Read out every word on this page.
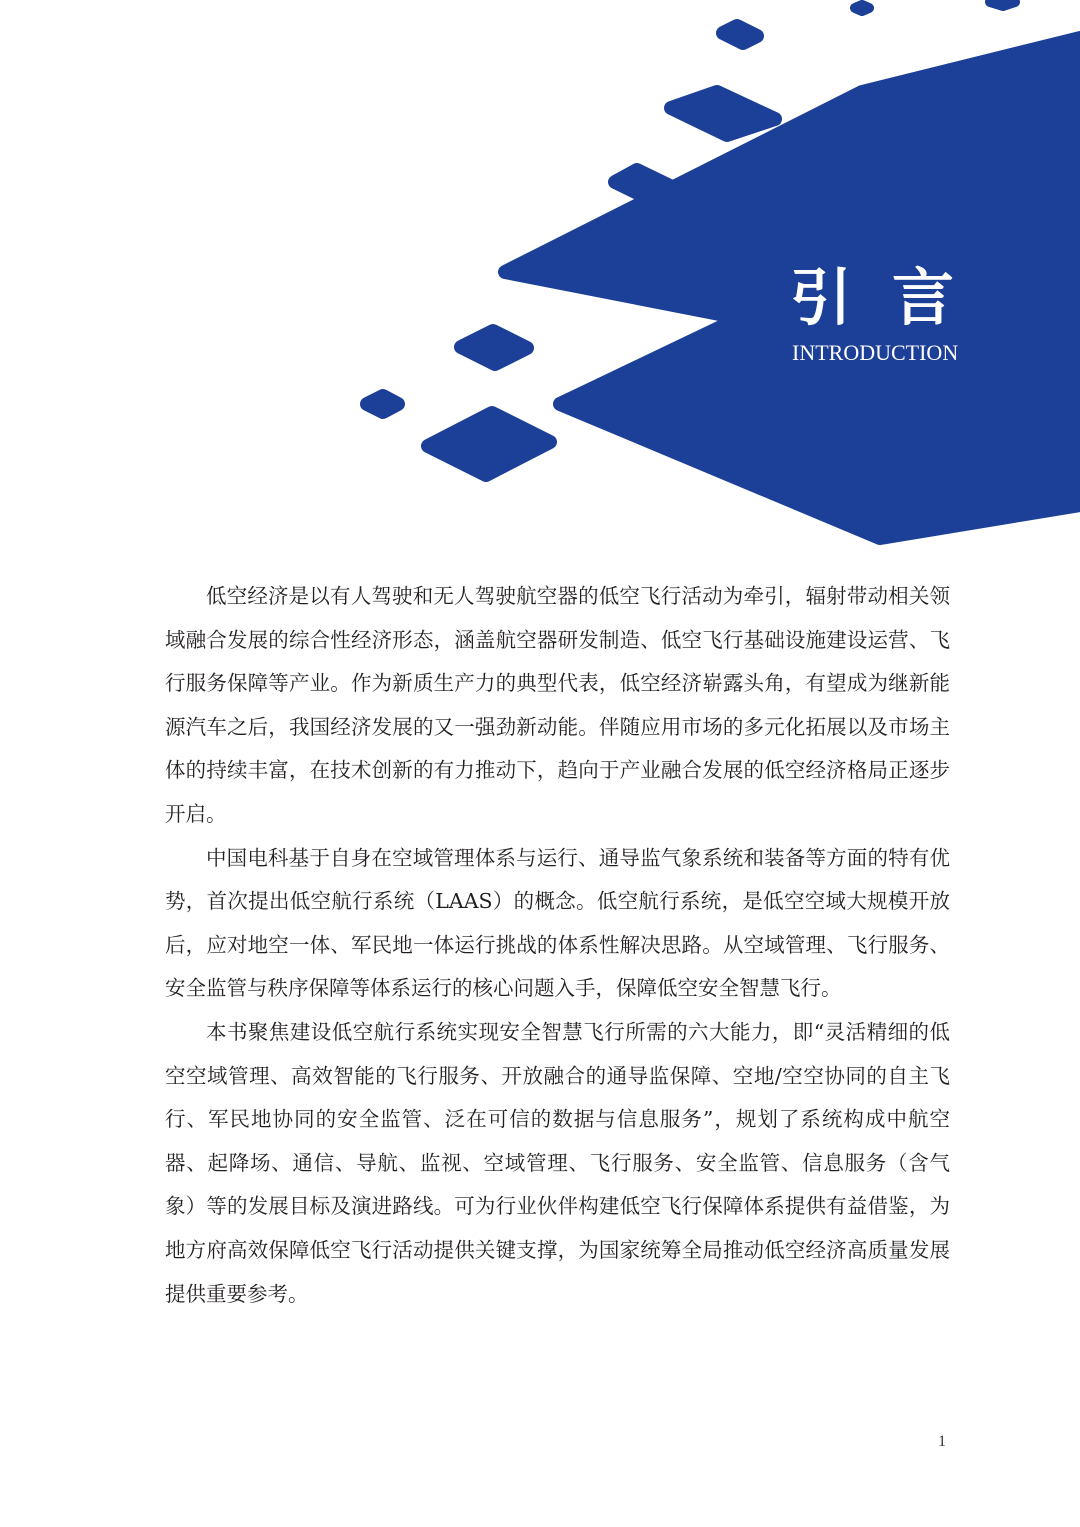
引言
INTRODUCTION

低空经济是以有人驾驶和无人驾驶航空器的低空飞行活动为牵引，辐射带动相关领域融合发展的综合性经济形态，涵盖航空器研发制造、低空飞行基础设施建设运营、飞行服务保障等产业。作为新质生产力的典型代表，低空经济崭露头角，有望成为继新能源汽车之后，我国经济发展的又一强劲新动能。伴随应用市场的多元化拓展以及市场主体的持续丰富，在技术创新的有力推动下，趋向于产业融合发展的低空经济格局正逐步开启。

中国电科基于自身在空域管理体系与运行、通导监气象系统和装备等方面的特有优势，首次提出低空航行系统（LAAS）的概念。低空航行系统，是低空空域大规模开放后，应对地空一体、军民地一体运行挑战的体系性解决思路。从空域管理、飞行服务、安全监管与秩序保障等体系运行的核心问题入手，保障低空安全智慧飞行。

本书聚焦建设低空航行系统实现安全智慧飞行所需的六大能力，即“灵活精细的低空空域管理、高效智能的飞行服务、开放融合的通导监保障、空地/空空协同的自主飞行、军民地协同的安全监管、泛在可信的数据与信息服务”，规划了系统构成中航空器、起降场、通信、导航、监视、空域管理、飞行服务、安全监管、信息服务（含气象）等的发展目标及演进路线。可为行业伙伴构建低空飞行保障体系提供有益借鉴，为地方府高效保障低空飞行活动提供关键支撑，为国家统筹全局推动低空经济高质量发展提供重要参考。

1
